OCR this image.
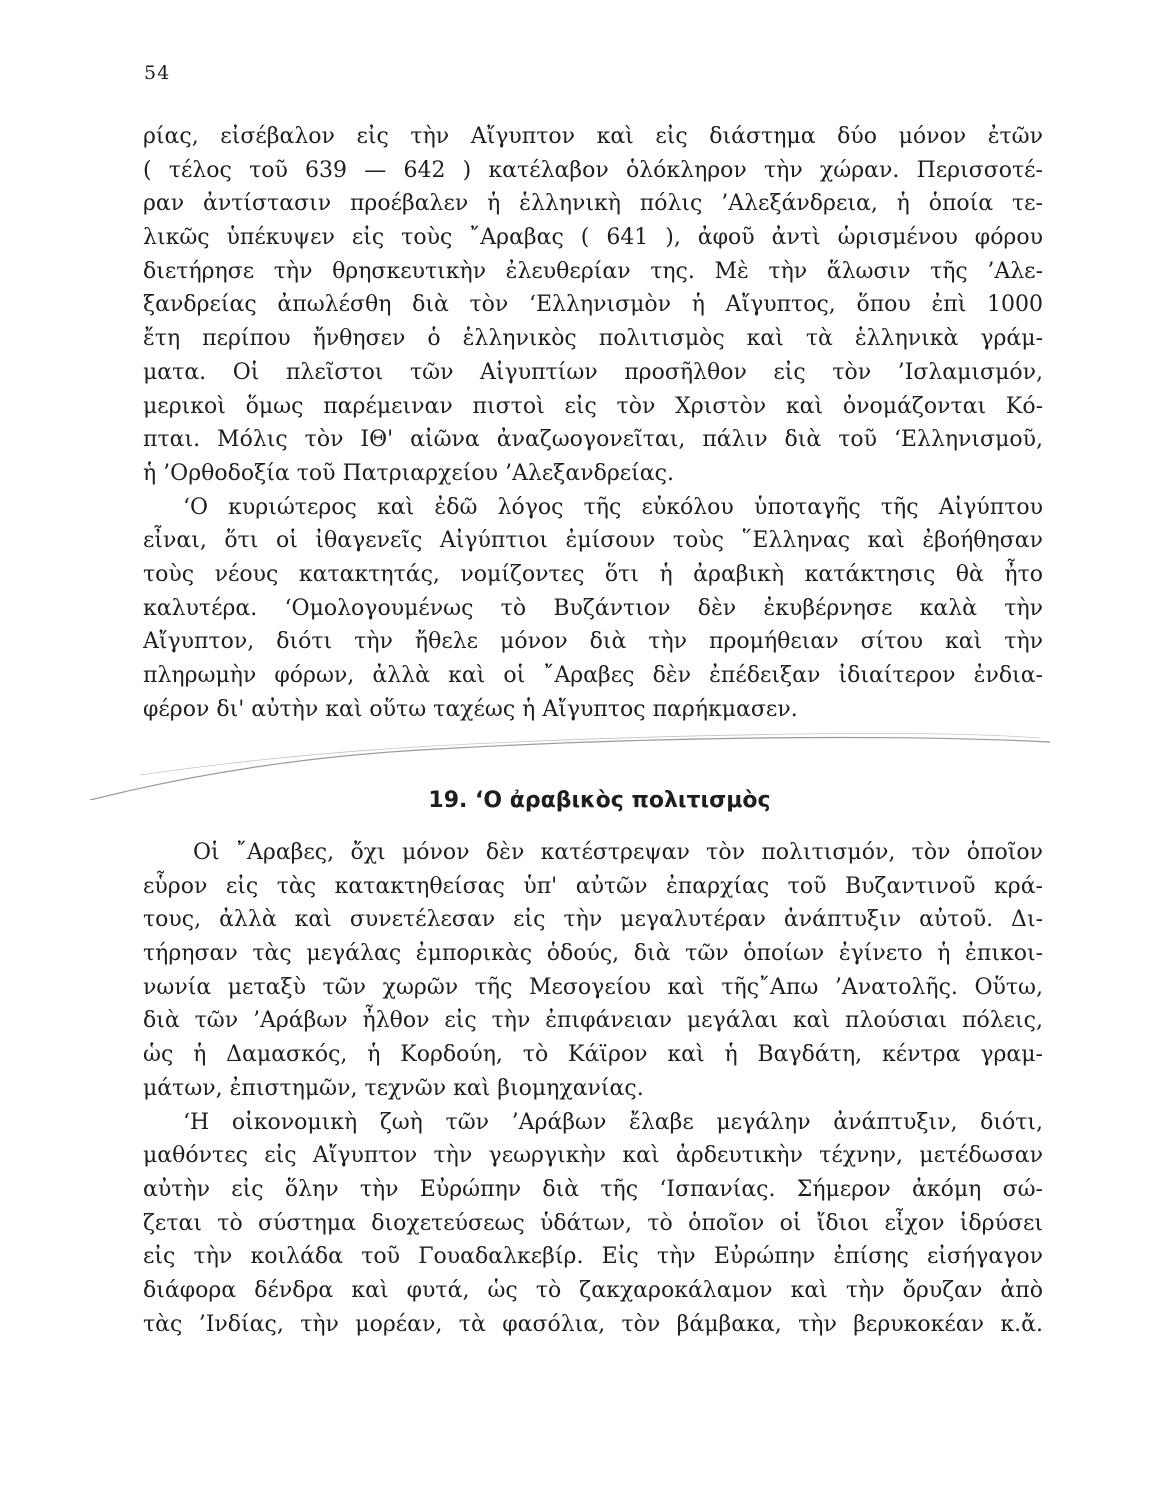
54
ρίας, εἰσέβαλον εἰς τὴν Αἴγυπτον καὶ εἰς διάστημα δύο μόνον ἐτῶν
( τέλος τοῦ 639 — 642 ) κατέλαβον ὁλόκληρον τὴν χώραν. Περισσοτέ-
ραν ἀντίστασιν προέβαλεν ἡ ἑλληνικὴ πόλις ’Αλεξάνδρεια, ἡ ὁποία τε-
λικῶς ὑπέκυψεν εἰς τοὺς ῎Αραβας ( 641 ), ἀφοῦ ἀντὶ ὡρισμένου φόρου
διετήρησε τὴν θρησκευτικὴν ἐλευθερίαν της. Μὲ τὴν ἅλωσιν τῆς ’Αλε-
ξανδρείας ἀπωλέσθη διὰ τὸν ‘Ελληνισμὸν ἡ Αἴγυπτος, ὅπου ἐπὶ 1000
ἔτη περίπου ἤνθησεν ὁ ἑλληνικὸς πολιτισμὸς καὶ τὰ ἑλληνικὰ γράμ-
ματα. Οἱ πλεῖστοι τῶν Αἰγυπτίων προσῆλθον εἰς τὸν ’Ισλαμισμόν,
μερικοὶ ὅμως παρέμειναν πιστοὶ εἰς τὸν Χριστὸν καὶ ὀνομάζονται Κό-
πται. Μόλις τὸν ΙΘ' αἰῶνα ἀναζωογονεῖται, πάλιν διὰ τοῦ ‘Ελληνισμοῦ,
ἡ ’Ορθοδοξία τοῦ Πατριαρχείου ’Αλεξανδρείας.
‘Ο κυριώτερος καὶ ἐδῶ λόγος τῆς εὐκόλου ὑποταγῆς τῆς Αἰγύπτου
εἶναι, ὅτι οἱ ἰθαγενεῖς Αἰγύπτιοι ἐμίσουν τοὺς ῞Ελληνας καὶ ἐβοήθησαν
τοὺς νέους κατακτητάς, νομίζοντες ὅτι ἡ ἀραβικὴ κατάκτησις θὰ ἦτο
καλυτέρα. ‘Ομολογουμένως τὸ Βυζάντιον δὲν ἐκυβέρνησε καλὰ τὴν
Αἴγυπτον, διότι τὴν ἤθελε μόνον διὰ τὴν προμήθειαν σίτου καὶ τὴν
πληρωμὴν φόρων, ἀλλὰ καὶ οἱ ῎Αραβες δὲν ἐπέδειξαν ἰδιαίτερον ἐνδια-
φέρον δι' αὐτὴν καὶ οὕτω ταχέως ἡ Αἴγυπτος παρήκμασεν.
19. ‘Ο ἀραβικὸς πολιτισμὸς
Οἱ ῎Αραβες, ὄχι μόνον δὲν κατέστρεψαν τὸν πολιτισμόν, τὸν ὁποῖον
εὗρον εἰς τὰς κατακτηθείσας ὑπ' αὐτῶν ἐπαρχίας τοῦ Βυζαντινοῦ κρά-
τους, ἀλλὰ καὶ συνετέλεσαν εἰς τὴν μεγαλυτέραν ἀνάπτυξιν αὐτοῦ. Δι-
τήρησαν τὰς μεγάλας ἐμπορικὰς ὁδούς, διὰ τῶν ὁποίων ἐγίνετο ἡ ἐπικοι-
νωνία μεταξὺ τῶν χωρῶν τῆς Μεσογείου καὶ τῆς῎Απω ’Ανατολῆς. Οὕτω,
διὰ τῶν ’Αράβων ἦλθον εἰς τὴν ἐπιφάνειαν μεγάλαι καὶ πλούσιαι πόλεις,
ὡς ἡ Δαμασκός, ἡ Κορδούη, τὸ Κάϊρον καὶ ἡ Βαγδάτη, κέντρα γραμ-
μάτων, ἐπιστημῶν, τεχνῶν καὶ βιομηχανίας.
‘Η οἰκονομικὴ ζωὴ τῶν ’Αράβων ἔλαβε μεγάλην ἀνάπτυξιν, διότι,
μαθόντες εἰς Αἴγυπτον τὴν γεωργικὴν καὶ ἀρδευτικὴν τέχνην, μετέδωσαν
αὐτὴν εἰς ὅλην τὴν Εὐρώπην διὰ τῆς ‘Ισπανίας. Σήμερον ἀκόμη σώ-
ζεται τὸ σύστημα διοχετεύσεως ὑδάτων, τὸ ὁποῖον οἱ ἴδιοι εἶχον ἱδρύσει
εἰς τὴν κοιλάδα τοῦ Γουαδαλκεβίρ. Εἰς τὴν Εὐρώπην ἐπίσης εἰσήγαγον
διάφορα δένδρα καὶ φυτά, ὡς τὸ ζακχαροκάλαμον καὶ τὴν ὄρυζαν ἀπὸ
τὰς ’Ινδίας, τὴν μορέαν, τὰ φασόλια, τὸν βάμβακα, τὴν βερυκοκέαν κ.ἄ.
